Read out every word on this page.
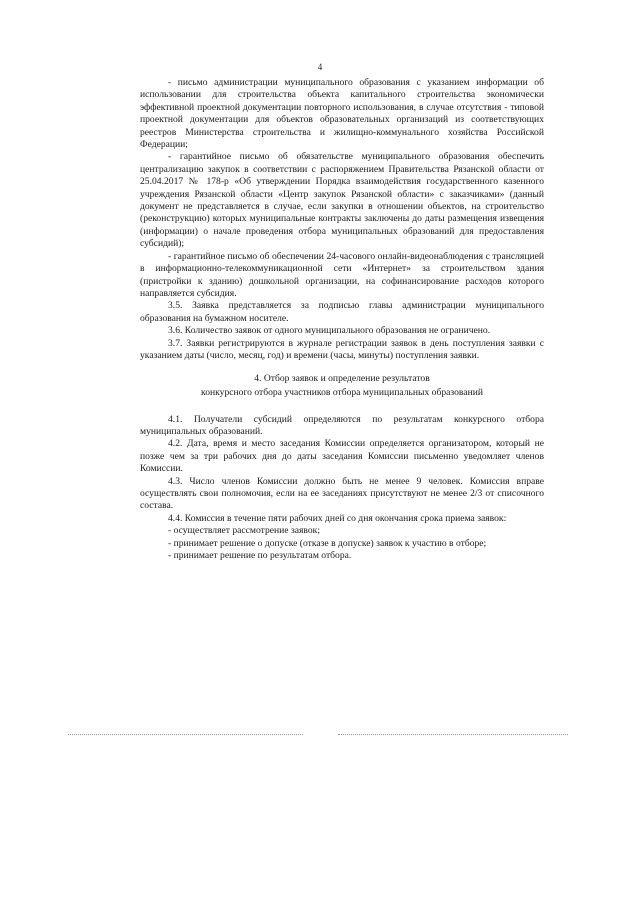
4

- письмо администрации муниципального образования с указанием информации об использовании для строительства объекта капитального строительства экономически эффективной проектной документации повторного использования, в случае отсутствия - типовой проектной документации для объектов образовательных организаций из соответствующих реестров Министерства строительства и жилищно-коммунального хозяйства Российской Федерации;

- гарантийное письмо об обязательстве муниципального образования обеспечить централизацию закупок в соответствии с распоряжением Правительства Рязанской области от 25.04.2017 № 178-р «Об утверждении Порядка взаимодействия государственного казенного учреждения Рязанской области «Центр закупок Рязанской области» с заказчиками» (данный документ не представляется в случае, если закупки в отношении объектов, на строительство (реконструкцию) которых муниципальные контракты заключены до даты размещения извещения (информации) о начале проведения отбора муниципальных образований для предоставления субсидий);

- гарантийное письмо об обеспечении 24-часового онлайн-видеонаблюдения с трансляцией в информационно-телекоммуникационной сети «Интернет» за строительством здания (пристройки к зданию) дошкольной организации, на софинансирование расходов которого направляется субсидия.

3.5. Заявка представляется за подписью главы администрации муниципального образования на бумажном носителе.

3.6. Количество заявок от одного муниципального образования не ограничено.

3.7. Заявки регистрируются в журнале регистрации заявок в день поступления заявки с указанием даты (число, месяц, год) и времени (часы, минуты) поступления заявки.

4. Отбор заявок и определение результатов
конкурсного отбора участников отбора муниципальных образований

4.1. Получатели субсидий определяются по результатам конкурсного отбора муниципальных образований.

4.2. Дата, время и место заседания Комиссии определяется организатором, который не позже чем за три рабочих дня до даты заседания Комиссии письменно уведомляет членов Комиссии.

4.3. Число членов Комиссии должно быть не менее 9 человек. Комиссия вправе осуществлять свои полномочия, если на ее заседаниях присутствуют не менее 2/3 от списочного состава.

4.4. Комиссия в течение пяти рабочих дней со дня окончания срока приема заявок:

- осуществляет рассмотрение заявок;

- принимает решение о допуске (отказе в допуске) заявок к участию в отборе;

- принимает решение по результатам отбора.
